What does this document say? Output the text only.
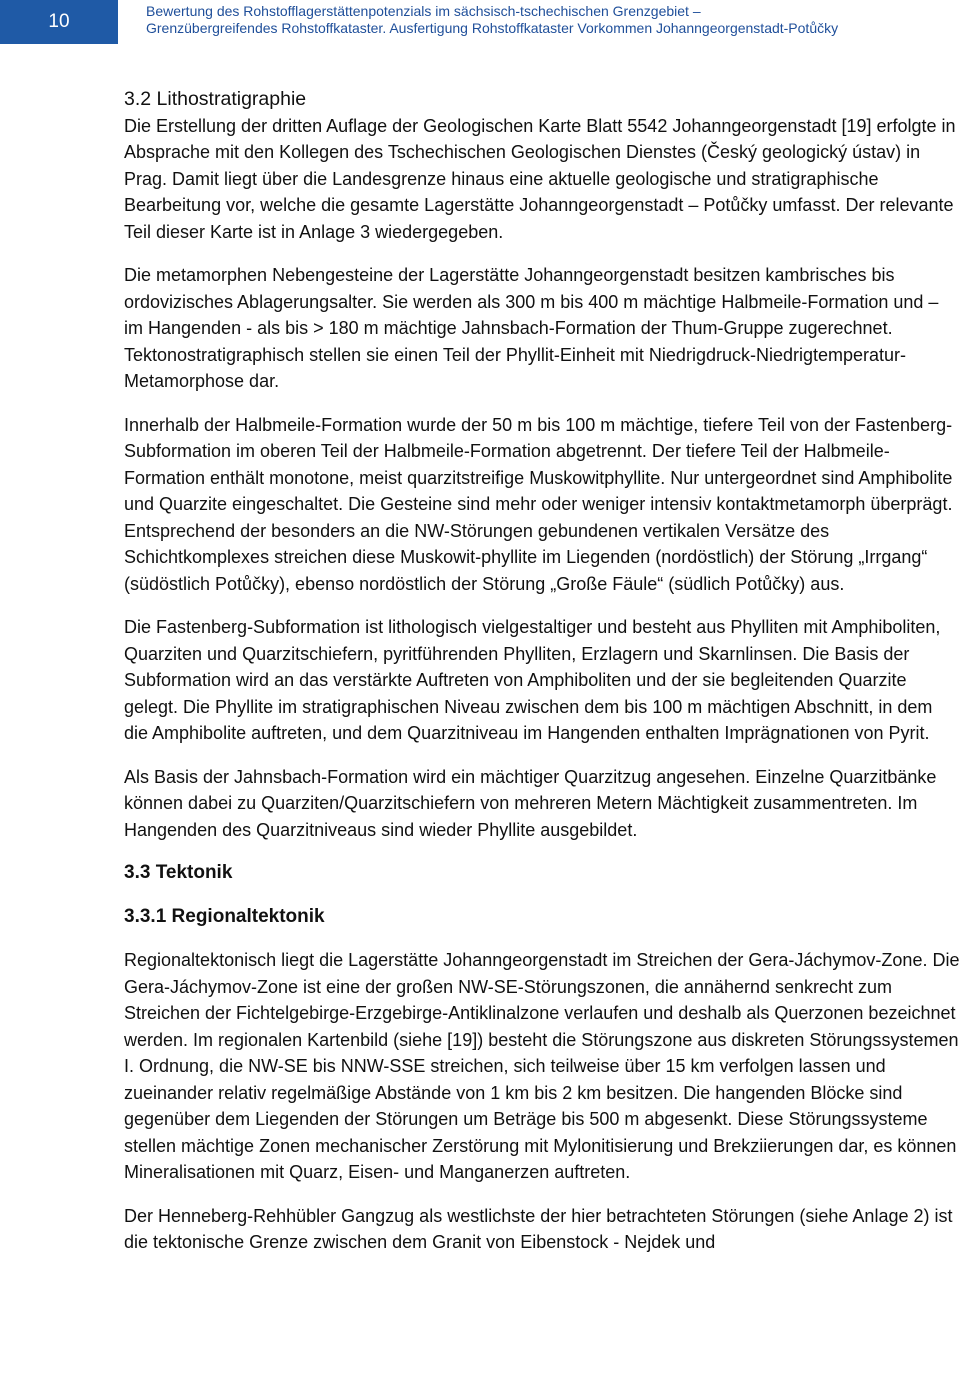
10	Bewertung des Rohstofflagerstättenpotenzials im sächsisch-tschechischen Grenzgebiet –
Grenzübergreifendes Rohstoffkataster. Ausfertigung Rohstoffkataster Vorkommen Johanngeorgenstadt-Potůčky
3.2 Lithostratigraphie

Die Erstellung der dritten Auflage der Geologischen Karte Blatt 5542 Johanngeorgenstadt [19] erfolgte in Absprache mit den Kollegen des Tschechischen Geologischen Dienstes (Český geologický ústav) in Prag. Damit liegt über die Landesgrenze hinaus eine aktuelle geologische und stratigraphische Bearbeitung vor, welche die gesamte Lagerstätte Johanngeorgenstadt – Potůčky umfasst. Der relevante Teil dieser Karte ist in Anlage 3 wiedergegeben.

Die metamorphen Nebengesteine der Lagerstätte Johanngeorgenstadt besitzen kambrisches bis ordovizisches Ablagerungsalter. Sie werden als 300 m bis 400 m mächtige Halbmeile-Formation und – im Hangenden - als bis > 180 m mächtige Jahnsbach-Formation der Thum-Gruppe zugerechnet. Tektonostratigraphisch stellen sie einen Teil der Phyllit-Einheit mit Niedrigdruck-Niedrigtemperatur-Metamorphose dar.

Innerhalb der Halbmeile-Formation wurde der 50 m bis 100 m mächtige, tiefere Teil von der Fastenberg-Subformation im oberen Teil der Halbmeile-Formation abgetrennt. Der tiefere Teil der Halbmeile-Formation enthält monotone, meist quarzitstreifige Muskowitphyllite. Nur untergeordnet sind Amphibolite und Quarzite eingeschaltet. Die Gesteine sind mehr oder weniger intensiv kontaktmetamorph überprägt. Entsprechend der besonders an die NW-Störungen gebundenen vertikalen Versätze des Schichtkomplexes streichen diese Muskowit-phyllite im Liegenden (nordöstlich) der Störung „Irrgang“ (südöstlich Potůčky), ebenso nordöstlich der Störung „Große Fäule“ (südlich Potůčky) aus.

Die Fastenberg-Subformation ist lithologisch vielgestaltiger und besteht aus Phylliten mit Amphiboliten, Quarziten und Quarzitschiefern, pyritführenden Phylliten, Erzlagern und Skarnlinsen. Die Basis der Subformation wird an das verstärkte Auftreten von Amphiboliten und der sie begleitenden Quarzite gelegt. Die Phyllite im stratigraphischen Niveau zwischen dem bis 100 m mächtigen Abschnitt, in dem die Amphibolite auftreten, und dem Quarzitniveau im Hangenden enthalten Imprägnationen von Pyrit.

Als Basis der Jahnsbach-Formation wird ein mächtiger Quarzitzug angesehen. Einzelne Quarzitbänke können dabei zu Quarziten/Quarzitschiefern von mehreren Metern Mächtigkeit zusammentreten. Im Hangenden des Quarzitniveaus sind wieder Phyllite ausgebildet.

3.3 Tektonik
3.3.1 Regionaltektonik

Regionaltektonisch liegt die Lagerstätte Johanngeorgenstadt im Streichen der Gera-Jáchymov-Zone. Die Gera-Jáchymov-Zone ist eine der großen NW-SE-Störungszonen, die annähernd senkrecht zum Streichen der Fichtelgebirge-Erzgebirge-Antiklinalzone verlaufen und deshalb als Querzonen bezeichnet werden. Im regionalen Kartenbild (siehe [19]) besteht die Störungszone aus diskreten Störungssystemen I. Ordnung, die NW-SE bis NNW-SSE streichen, sich teilweise über 15 km verfolgen lassen und zueinander relativ regelmäßige Abstände von 1 km bis 2 km besitzen. Die hangenden Blöcke sind gegenüber dem Liegenden der Störungen um Beträge bis 500 m abgesenkt. Diese Störungssysteme stellen mächtige Zonen mechanischer Zerstörung mit Mylonitisierung und Brekziierungen dar, es können Mineralisationen mit Quarz, Eisen- und Manganerzen auftreten.

Der Henneberg-Rehhübler Gangzug als westlichste der hier betrachteten Störungen (siehe Anlage 2) ist die tektonische Grenze zwischen dem Granit von Eibenstock - Nejdek und
